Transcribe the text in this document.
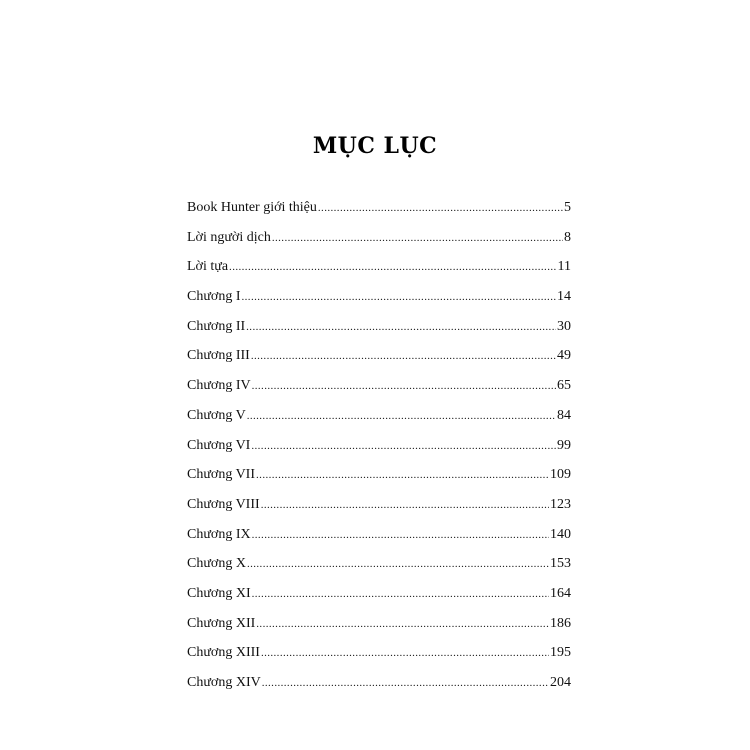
MỤC LỤC
Book Hunter giới thiệu .....	5
Lời người dịch .....	8
Lời tựa .....	11
Chương I .....	14
Chương II .....	30
Chương III .....	49
Chương IV .....	65
Chương V .....	84
Chương VI .....	99
Chương VII .....	109
Chương VIII .....	123
Chương IX .....	140
Chương X .....	153
Chương XI .....	164
Chương XII .....	186
Chương XIII .....	195
Chương XIV .....	204
